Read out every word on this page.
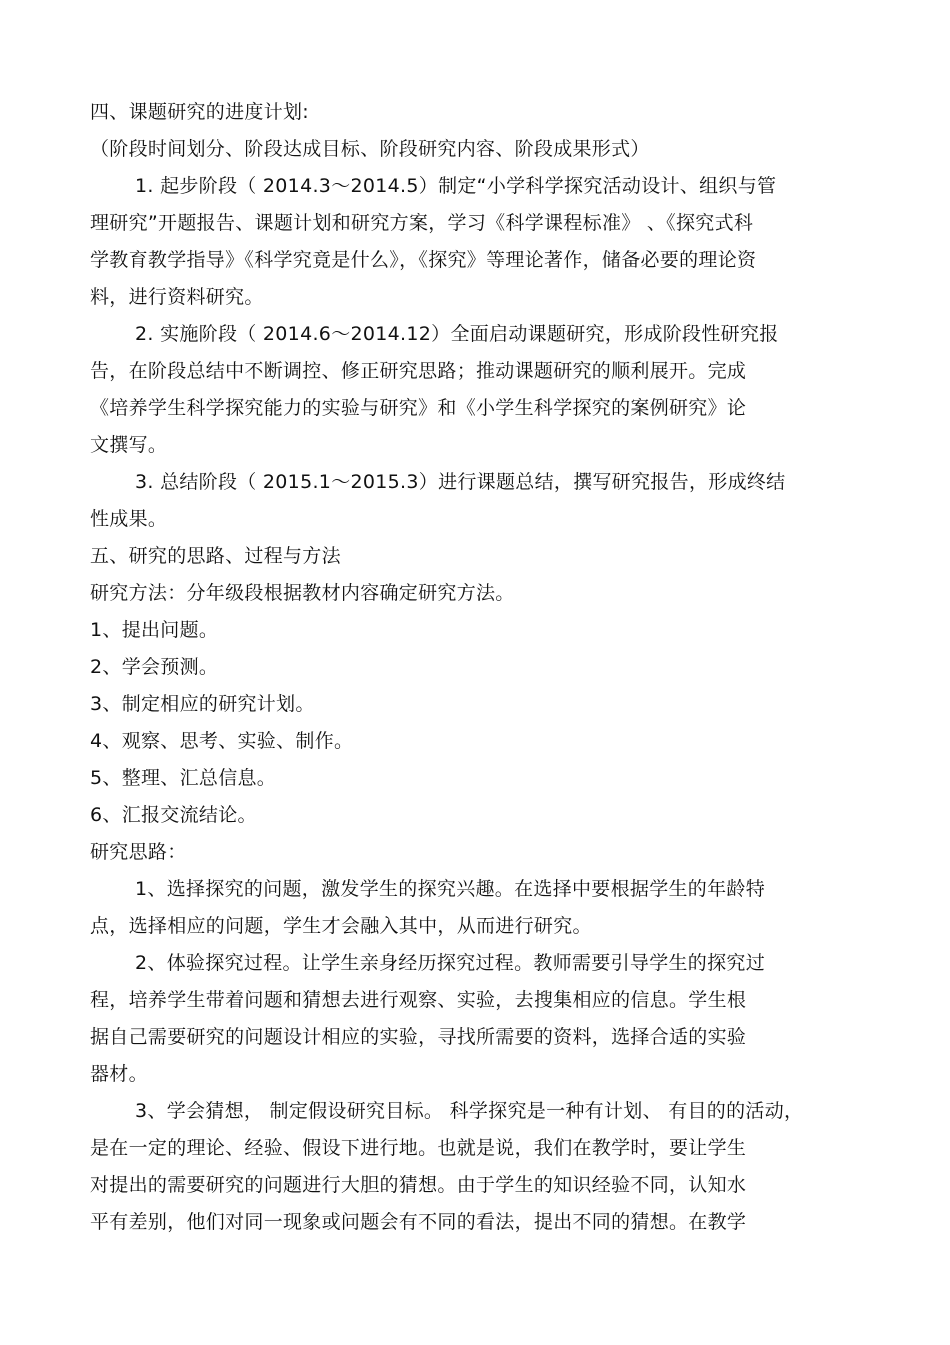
四、课题研究的进度计划:
（阶段时间划分、阶段达成目标、阶段研究内容、阶段成果形式）
1. 起步阶段（ 2014.3～2014.5）制定“小学科学探究活动设计、组织与管
理研究”开题报告、课题计划和研究方案，学习《科学课程标准》 、《探究式科
学教育教学指导》《科学究竟是什么》，《探究》等理论著作，储备必要的理论资
料，进行资料研究。
2. 实施阶段（ 2014.6～2014.12）全面启动课题研究，形成阶段性研究报
告，在阶段总结中不断调控、修正研究思路；推动课题研究的顺利展开。完成
《培养学生科学探究能力的实验与研究》和《小学生科学探究的案例研究》论
文撰写。
3. 总结阶段（ 2015.1～2015.3）进行课题总结，撰写研究报告，形成终结
性成果。
五、研究的思路、过程与方法
研究方法：分年级段根据教材内容确定研究方法。
1、提出问题。
2、学会预测。
3、制定相应的研究计划。
4、观察、思考、实验、制作。
5、整理、汇总信息。
6、汇报交流结论。
研究思路：
1、选择探究的问题，激发学生的探究兴趣。在选择中要根据学生的年龄特
点，选择相应的问题，学生才会融入其中，从而进行研究。
2、体验探究过程。让学生亲身经历探究过程。教师需要引导学生的探究过
程，培养学生带着问题和猜想去进行观察、实验，去搜集相应的信息。学生根
据自己需要研究的问题设计相应的实验，寻找所需要的资料，选择合适的实验
器材。
3、学会猜想， 制定假设研究目标。 科学探究是一种有计划、 有目的的活动，
是在一定的理论、经验、假设下进行地。也就是说，我们在教学时，要让学生
对提出的需要研究的问题进行大胆的猜想。由于学生的知识经验不同，认知水
平有差别，他们对同一现象或问题会有不同的看法，提出不同的猜想。在教学
